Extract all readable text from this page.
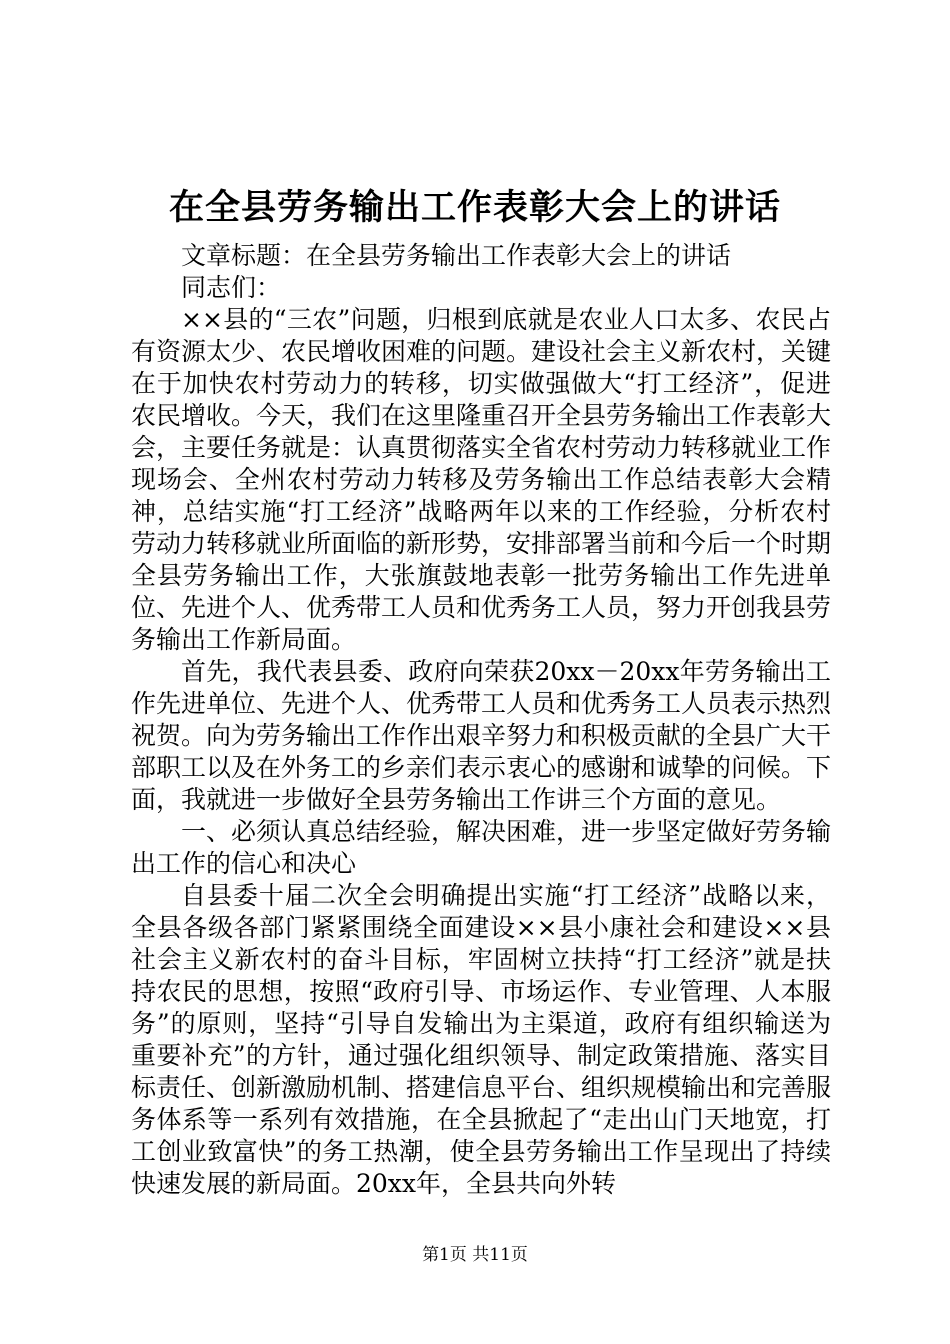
在全县劳务输出工作表彰大会上的讲话

文章标题：在全县劳务输出工作表彰大会上的讲话

同志们：

××县的“三农”问题，归根到底就是农业人口太多、农民占有资源太少、农民增收困难的问题。建设社会主义新农村，关键在于加快农村劳动力的转移，切实做强做大“打工经济”，促进农民增收。今天，我们在这里隆重召开全县劳务输出工作表彰大会，主要任务就是：认真贯彻落实全省农村劳动力转移就业工作现场会、全州农村劳动力转移及劳务输出工作总结表彰大会精神，总结实施“打工经济”战略两年以来的工作经验，分析农村劳动力转移就业所面临的新形势，安排部署当前和今后一个时期全县劳务输出工作，大张旗鼓地表彰一批劳务输出工作先进单位、先进个人、优秀带工人员和优秀务工人员，努力开创我县劳务输出工作新局面。

首先，我代表县委、政府向荣获20xx－20xx年劳务输出工作先进单位、先进个人、优秀带工人员和优秀务工人员表示热烈祝贺。向为劳务输出工作作出艰辛努力和积极贡献的全县广大干部职工以及在外务工的乡亲们表示衷心的感谢和诚挚的问候。下面，我就进一步做好全县劳务输出工作讲三个方面的意见。

一、必须认真总结经验，解决困难，进一步坚定做好劳务输出工作的信心和决心

自县委十届二次全会明确提出实施“打工经济”战略以来，全县各级各部门紧紧围绕全面建设××县小康社会和建设××县社会主义新农村的奋斗目标，牢固树立扶持“打工经济”就是扶持农民的思想，按照“政府引导、市场运作、专业管理、人本服务”的原则，坚持“引导自发输出为主渠道，政府有组织输送为重要补充”的方针，通过强化组织领导、制定政策措施、落实目标责任、创新激励机制、搭建信息平台、组织规模输出和完善服务体系等一系列有效措施，在全县掀起了“走出山门天地宽，打工创业致富快”的务工热潮，使全县劳务输出工作呈现出了持续快速发展的新局面。20xx年，全县共向外转

第1页 共11页
